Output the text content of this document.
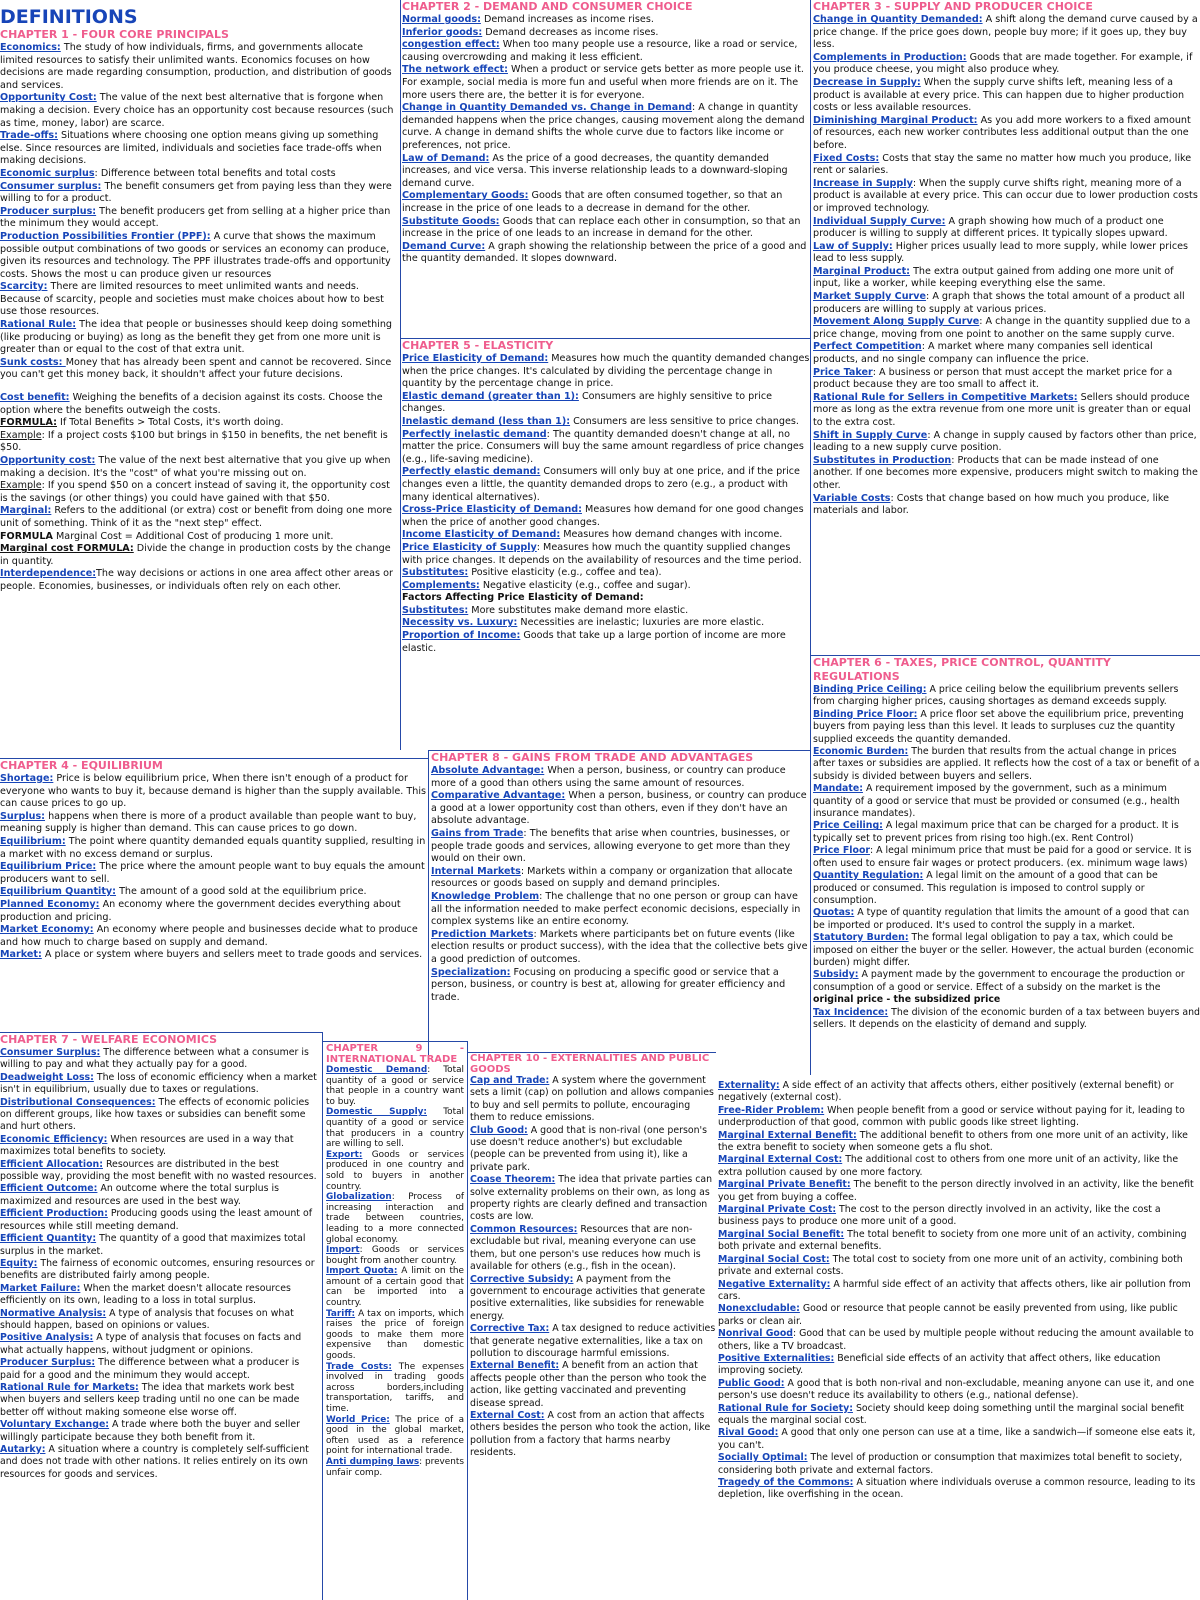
DEFINITIONS
CHAPTER 1 - FOUR CORE PRINCIPALS

Economics: The study of how individuals, firms, and governments allocate limited resources to satisfy their unlimited wants. Economics focuses on how decisions are made regarding consumption, production, and distribution of goods and services.

Opportunity Cost: The value of the next best alternative that is forgone when making a decision. Every choice has an opportunity cost because resources (such as time, money, labor) are scarce.

Trade-offs: Situations where choosing one option means giving up something else. Since resources are limited, individuals and societies face trade-offs when making decisions.

Economic surplus: Difference between total benefits and total costs

Consumer surplus: The benefit consumers get from paying less than they were willing to for a product.

Producer surplus: The benefit producers get from selling at a higher price than the minimum they would accept.

Production Possibilities Frontier (PPF): A curve that shows the maximum possible output combinations of two goods or services an economy can produce, given its resources and technology. The PPF illustrates trade-offs and opportunity costs. Shows the most u can produce given ur resources

Scarcity: There are limited resources to meet unlimited wants and needs. Because of scarcity, people and societies must make choices about how to best use those resources.

Rational Rule: The idea that people or businesses should keep doing something (like producing or buying) as long as the benefit they get from one more unit is greater than or equal to the cost of that extra unit.

Sunk costs: Money that has already been spent and cannot be recovered. Since you can't get this money back, it shouldn't affect your future decisions.

Cost benefit: Weighing the benefits of a decision against its costs. Choose the option where the benefits outweigh the costs.

FORMULA: If Total Benefits > Total Costs, it's worth doing.

Example: If a project costs $100 but brings in $150 in benefits, the net benefit is $50.

Opportunity cost: The value of the next best alternative that you give up when making a decision. It's the "cost" of what you're missing out on.

Example: If you spend $50 on a concert instead of saving it, the opportunity cost is the savings (or other things) you could have gained with that $50.

Marginal: Refers to the additional (or extra) cost or benefit from doing one more unit of something. Think of it as the "next step" effect.

FORMULA Marginal Cost = Additional Cost of producing 1 more unit.

Marginal cost FORMULA: Divide the change in production costs by the change in quantity.

Interdependence:The way decisions or actions in one area affect other areas or people. Economies, businesses, or individuals often rely on each other.

CHAPTER 2 - DEMAND AND CONSUMER CHOICE

Normal goods: Demand increases as income rises.

Inferior goods: Demand decreases as income rises.

congestion effect: When too many people use a resource, like a road or service, causing overcrowding and making it less efficient.

The network effect: When a product or service gets better as more people use it. For example, social media is more fun and useful when more friends are on it. The more users there are, the better it is for everyone.

Change in Quantity Demanded vs. Change in Demand: A change in quantity demanded happens when the price changes, causing movement along the demand curve. A change in demand shifts the whole curve due to factors like income or preferences, not price.

Law of Demand: As the price of a good decreases, the quantity demanded increases, and vice versa. This inverse relationship leads to a downward-sloping demand curve.

Complementary Goods: Goods that are often consumed together, so that an increase in the price of one leads to a decrease in demand for the other.

Substitute Goods: Goods that can replace each other in consumption, so that an increase in the price of one leads to an increase in demand for the other.

Demand Curve: A graph showing the relationship between the price of a good and the quantity demanded. It slopes downward.

CHAPTER 3 - SUPPLY AND PRODUCER CHOICE

Change in Quantity Demanded: A shift along the demand curve caused by a price change. If the price goes down, people buy more; if it goes up, they buy less.

Complements in Production: Goods that are made together. For example, if you produce cheese, you might also produce whey.

Decrease in Supply: When the supply curve shifts left, meaning less of a product is available at every price. This can happen due to higher production costs or less available resources.

Diminishing Marginal Product: As you add more workers to a fixed amount of resources, each new worker contributes less additional output than the one before.

Fixed Costs: Costs that stay the same no matter how much you produce, like rent or salaries.

Increase in Supply: When the supply curve shifts right, meaning more of a product is available at every price. This can occur due to lower production costs or improved technology.

Individual Supply Curve: A graph showing how much of a product one producer is willing to supply at different prices. It typically slopes upward.

Law of Supply: Higher prices usually lead to more supply, while lower prices lead to less supply.

Marginal Product: The extra output gained from adding one more unit of input, like a worker, while keeping everything else the same.

Market Supply Curve: A graph that shows the total amount of a product all producers are willing to supply at various prices.

Movement Along Supply Curve: A change in the quantity supplied due to a price change, moving from one point to another on the same supply curve.

Perfect Competition: A market where many companies sell identical products, and no single company can influence the price.

Price Taker: A business or person that must accept the market price for a product because they are too small to affect it.

Rational Rule for Sellers in Competitive Markets: Sellers should produce more as long as the extra revenue from one more unit is greater than or equal to the extra cost.

Shift in Supply Curve: A change in supply caused by factors other than price, leading to a new supply curve position.

Substitutes in Production: Products that can be made instead of one another. If one becomes more expensive, producers might switch to making the other.

Variable Costs: Costs that change based on how much you produce, like materials and labor.

CHAPTER 5 - ELASTICITY

Price Elasticity of Demand: Measures how much the quantity demanded changes when the price changes. It's calculated by dividing the percentage change in quantity by the percentage change in price.

Elastic demand (greater than 1): Consumers are highly sensitive to price changes.

Inelastic demand (less than 1): Consumers are less sensitive to price changes.

Perfectly inelastic demand: The quantity demanded doesn't change at all, no matter the price. Consumers will buy the same amount regardless of price changes (e.g., life-saving medicine).

Perfectly elastic demand: Consumers will only buy at one price, and if the price changes even a little, the quantity demanded drops to zero (e.g., a product with many identical alternatives).

Cross-Price Elasticity of Demand: Measures how demand for one good changes when the price of another good changes.

Income Elasticity of Demand: Measures how demand changes with income.

Price Elasticity of Supply: Measures how much the quantity supplied changes with price changes. It depends on the availability of resources and the time period.

Substitutes: Positive elasticity (e.g., coffee and tea).

Complements: Negative elasticity (e.g., coffee and sugar).

Factors Affecting Price Elasticity of Demand:

Substitutes: More substitutes make demand more elastic.

Necessity vs. Luxury: Necessities are inelastic; luxuries are more elastic.

Proportion of Income: Goods that take up a large portion of income are more elastic.

CHAPTER 6 - TAXES, PRICE CONTROL, QUANTITY REGULATIONS

Binding Price Ceiling: A price ceiling below the equilibrium prevents sellers from charging higher prices, causing shortages as demand exceeds supply.

Binding Price Floor: A price floor set above the equilibrium price, preventing buyers from paying less than this level. It leads to surpluses cuz the quantity supplied exceeds the quantity demanded.

Economic Burden: The burden that results from the actual change in prices after taxes or subsidies are applied. It reflects how the cost of a tax or benefit of a subsidy is divided between buyers and sellers.

Mandate: A requirement imposed by the government, such as a minimum quantity of a good or service that must be provided or consumed (e.g., health insurance mandates).

Price Ceiling: A legal maximum price that can be charged for a product. It is typically set to prevent prices from rising too high.(ex. Rent Control)

Price Floor: A legal minimum price that must be paid for a good or service. It is often used to ensure fair wages or protect producers. (ex. minimum wage laws)

Quantity Regulation: A legal limit on the amount of a good that can be produced or consumed. This regulation is imposed to control supply or consumption.

Quotas: A type of quantity regulation that limits the amount of a good that can be imported or produced. It's used to control the supply in a market.

Statutory Burden: The formal legal obligation to pay a tax, which could be imposed on either the buyer or the seller. However, the actual burden (economic burden) might differ.

Subsidy: A payment made by the government to encourage the production or consumption of a good or service. Effect of a subsidy on the market is the original price - the subsidized price

Tax Incidence: The division of the economic burden of a tax between buyers and sellers. It depends on the elasticity of demand and supply.

CHAPTER 4 - EQUILIBRIUM

Shortage: Price is below equilibrium price, When there isn't enough of a product for everyone who wants to buy it, because demand is higher than the supply available. This can cause prices to go up.

Surplus: happens when there is more of a product available than people want to buy, meaning supply is higher than demand. This can cause prices to go down.

Equilibrium: The point where quantity demanded equals quantity supplied, resulting in a market with no excess demand or surplus.

Equilibrium Price: The price where the amount people want to buy equals the amount producers want to sell.

Equilibrium Quantity: The amount of a good sold at the equilibrium price.

Planned Economy: An economy where the government decides everything about production and pricing.

Market Economy: An economy where people and businesses decide what to produce and how much to charge based on supply and demand.

Market: A place or system where buyers and sellers meet to trade goods and services.

CHAPTER 8 - GAINS FROM TRADE AND ADVANTAGES

Absolute Advantage: When a person, business, or country can produce more of a good than others using the same amount of resources.

Comparative Advantage: When a person, business, or country can produce a good at a lower opportunity cost than others, even if they don't have an absolute advantage.

Gains from Trade: The benefits that arise when countries, businesses, or people trade goods and services, allowing everyone to get more than they would on their own.

Internal Markets: Markets within a company or organization that allocate resources or goods based on supply and demand principles.

Knowledge Problem: The challenge that no one person or group can have all the information needed to make perfect economic decisions, especially in complex systems like an entire economy.

Prediction Markets: Markets where participants bet on future events (like election results or product success), with the idea that the collective bets give a good prediction of outcomes.

Specialization: Focusing on producing a specific good or service that a person, business, or country is best at, allowing for greater efficiency and trade.

CHAPTER 7 - WELFARE ECONOMICS

Consumer Surplus: The difference between what a consumer is willing to pay and what they actually pay for a good.

Deadweight Loss: The loss of economic efficiency when a market isn't in equilibrium, usually due to taxes or regulations.

Distributional Consequences: The effects of economic policies on different groups, like how taxes or subsidies can benefit some and hurt others.

Economic Efficiency: When resources are used in a way that maximizes total benefits to society.

Efficient Allocation: Resources are distributed in the best possible way, providing the most benefit with no wasted resources.

Efficient Outcome: An outcome where the total surplus is maximized and resources are used in the best way.

Efficient Production: Producing goods using the least amount of resources while still meeting demand.

Efficient Quantity: The quantity of a good that maximizes total surplus in the market.

Equity: The fairness of economic outcomes, ensuring resources or benefits are distributed fairly among people.

Market Failure: When the market doesn't allocate resources efficiently on its own, leading to a loss in total surplus.

Normative Analysis: A type of analysis that focuses on what should happen, based on opinions or values.

Positive Analysis: A type of analysis that focuses on facts and what actually happens, without judgment or opinions.

Producer Surplus: The difference between what a producer is paid for a good and the minimum they would accept.

Rational Rule for Markets: The idea that markets work best when buyers and sellers keep trading until no one can be made better off without making someone else worse off.

Voluntary Exchange: A trade where both the buyer and seller willingly participate because they both benefit from it.

Autarky: A situation where a country is completely self-sufficient and does not trade with other nations. It relies entirely on its own resources for goods and services.

CHAPTER 9 - INTERNATIONAL TRADE

Domestic Demand: Total quantity of a good or service that people in a country want to buy.

Domestic Supply: Total quantity of a good or service that producers in a country are willing to sell.

Export: Goods or services produced in one country and sold to buyers in another country.

Globalization: Process of increasing interaction and trade between countries, leading to a more connected global economy.

Import: Goods or services bought from another country.

Import Quota: A limit on the amount of a certain good that can be imported into a country.

Tariff: A tax on imports, which raises the price of foreign goods to make them more expensive than domestic goods.

Trade Costs: The expenses involved in trading goods across borders,including transportation, tariffs, and time.

World Price: The price of a good in the global market, often used as a reference point for international trade.

Anti dumping laws: prevents unfair comp.

CHAPTER 10 - EXTERNALITIES AND PUBLIC GOODS

Cap and Trade: A system where the government sets a limit (cap) on pollution and allows companies to buy and sell permits to pollute, encouraging them to reduce emissions.

Club Good: A good that is non-rival (one person's use doesn't reduce another's) but excludable (people can be prevented from using it), like a private park.

Coase Theorem: The idea that private parties can solve externality problems on their own, as long as property rights are clearly defined and transaction costs are low.

Common Resources: Resources that are non-excludable but rival, meaning everyone can use them, but one person's use reduces how much is available for others (e.g., fish in the ocean).

Corrective Subsidy: A payment from the government to encourage activities that generate positive externalities, like subsidies for renewable energy.

Corrective Tax: A tax designed to reduce activities that generate negative externalities, like a tax on pollution to discourage harmful emissions.

External Benefit: A benefit from an action that affects people other than the person who took the action, like getting vaccinated and preventing disease spread.

External Cost: A cost from an action that affects others besides the person who took the action, like pollution from a factory that harms nearby residents.

Externality: A side effect of an activity that affects others, either positively (external benefit) or negatively (external cost).

Free-Rider Problem: When people benefit from a good or service without paying for it, leading to underproduction of that good, common with public goods like street lighting.

Marginal External Benefit: The additional benefit to others from one more unit of an activity, like the extra benefit to society when someone gets a flu shot.

Marginal External Cost: The additional cost to others from one more unit of an activity, like the extra pollution caused by one more factory.

Marginal Private Benefit: The benefit to the person directly involved in an activity, like the benefit you get from buying a coffee.

Marginal Private Cost: The cost to the person directly involved in an activity, like the cost a business pays to produce one more unit of a good.

Marginal Social Benefit: The total benefit to society from one more unit of an activity, combining both private and external benefits.

Marginal Social Cost: The total cost to society from one more unit of an activity, combining both private and external costs.

Negative Externality: A harmful side effect of an activity that affects others, like air pollution from cars.

Nonexcludable: Good or resource that people cannot be easily prevented from using, like public parks or clean air.

Nonrival Good: Good that can be used by multiple people without reducing the amount available to others, like a TV broadcast.

Positive Externalities: Beneficial side effects of an activity that affect others, like education improving society.

Public Good: A good that is both non-rival and non-excludable, meaning anyone can use it, and one person's use doesn't reduce its availability to others (e.g., national defense).

Rational Rule for Society: Society should keep doing something until the marginal social benefit equals the marginal social cost.

Rival Good: A good that only one person can use at a time, like a sandwich—if someone else eats it, you can't.

Socially Optimal: The level of production or consumption that maximizes total benefit to society, considering both private and external factors.

Tragedy of the Commons: A situation where individuals overuse a common resource, leading to its depletion, like overfishing in the ocean.
